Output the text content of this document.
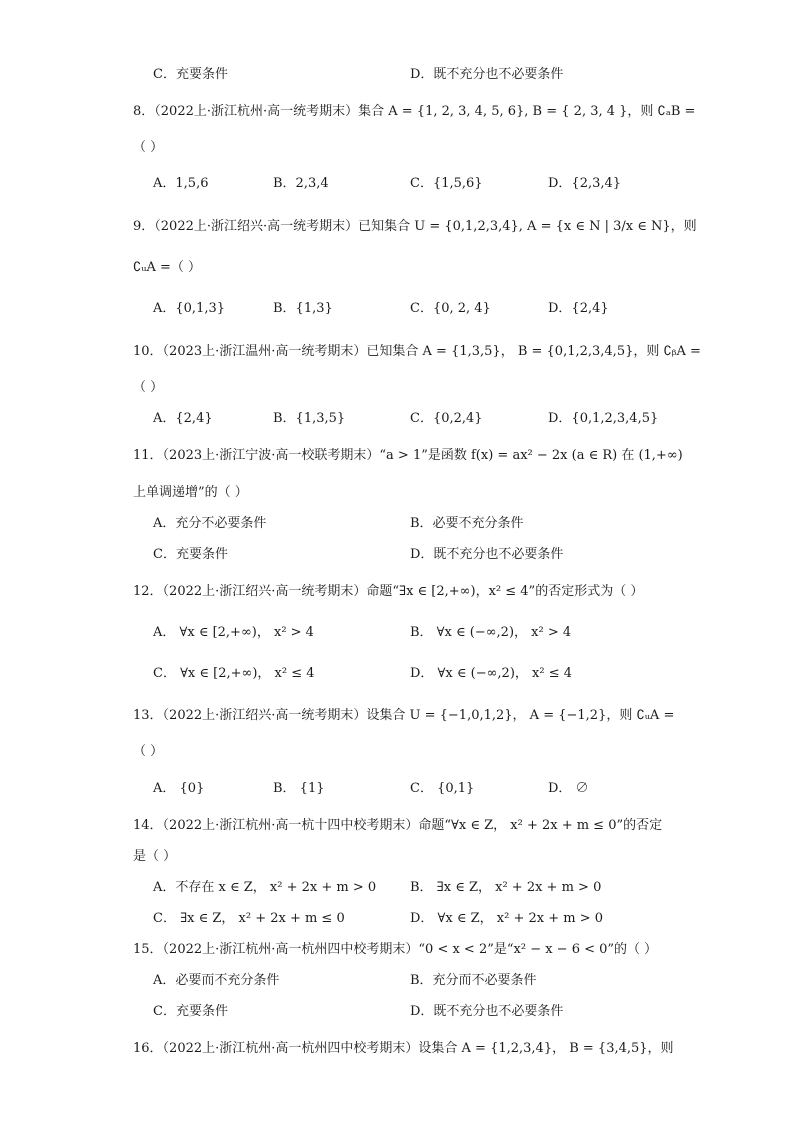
C．充要条件	D．既不充分也不必要条件
8．（2022上·浙江杭州·高一统考期末）集合 A = {1, 2, 3, 4, 5, 6}, B = { 2, 3, 4 }，则 ∁ₐB =
（ ）
A．1,5,6	B．2,3,4	C．{1,5,6}	D．{2,3,4}
9．（2022上·浙江绍兴·高一统考期末）已知集合 U = {0,1,2,3,4}, A = {x ∈ N | 3/x ∈ N}，则
∁ᵤA =（ ）
A．{0,1,3}	B．{1,3}	C．{0, 2, 4}	D．{2,4}
10．（2023上·浙江温州·高一统考期末）已知集合 A = {1,3,5}， B = {0,1,2,3,4,5}，则 ∁ᵦA =
（ ）
A．{2,4}	B．{1,3,5}	C．{0,2,4}	D．{0,1,2,3,4,5}
11．（2023上·浙江宁波·高一校联考期末）“a > 1”是函数 f(x) = ax² − 2x (a ∈ R) 在 (1,+∞)
上单调递增”的（ ）
A．充分不必要条件	B．必要不充分条件
C．充要条件	D．既不充分也不必要条件
12．（2022上·浙江绍兴·高一统考期末）命题“∃x ∈ [2,+∞)，x² ≤ 4”的否定形式为（ ）
A． ∀x ∈ [2,+∞)， x² > 4	B． ∀x ∈ (−∞,2)， x² > 4
C． ∀x ∈ [2,+∞)， x² ≤ 4	D． ∀x ∈ (−∞,2)， x² ≤ 4
13．（2022上·浙江绍兴·高一统考期末）设集合 U = {−1,0,1,2}， A = {−1,2}，则 ∁ᵤA =
（ ）
A． {0}	B． {1}	C． {0,1}	D． ∅
14．（2022上·浙江杭州·高一杭十四中校考期末）命题“∀x ∈ Z， x² + 2x + m ≤ 0”的否定
是（ ）
A．不存在 x ∈ Z， x² + 2x + m > 0	B． ∃x ∈ Z， x² + 2x + m > 0
C． ∃x ∈ Z， x² + 2x + m ≤ 0	D． ∀x ∈ Z， x² + 2x + m > 0
15．（2022上·浙江杭州·高一杭州四中校考期末）“0 < x < 2”是“x² − x − 6 < 0”的（ ）
A．必要而不充分条件	B．充分而不必要条件
C．充要条件	D．既不充分也不必要条件
16．（2022上·浙江杭州·高一杭州四中校考期末）设集合 A = {1,2,3,4}， B = {3,4,5}，则
